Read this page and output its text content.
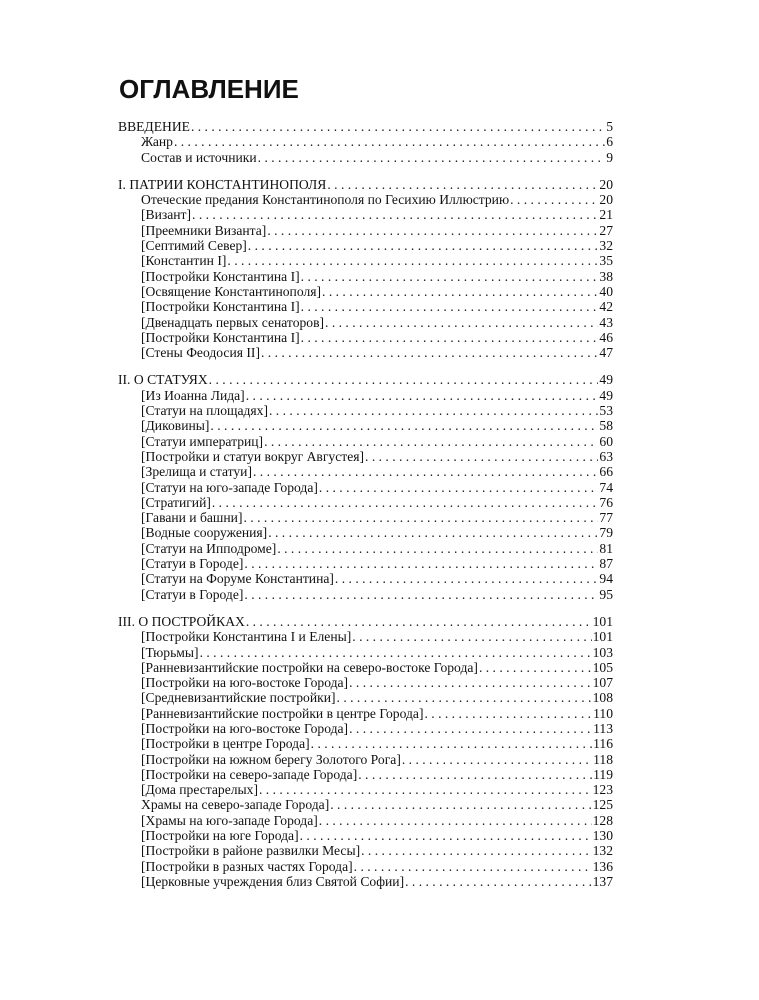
ОГЛАВЛЕНИЕ
ВВЕДЕНИЕ . . .	5
Жанр . . .	6
Состав и источники . . .	9
I. ПАТРИИ КОНСТАНТИНОПОЛЯ . . .	20
Отеческие предания Константинополя по Гесихию Иллюстрию . . .	20
[Визант] . . .	21
[Преемники Византа] . . .	27
[Септимий Север] . . .	32
[Константин I] . . .	35
[Постройки Константина I] . . .	38
[Освящение Константинополя] . . .	40
[Постройки Константина I] . . .	42
[Двенадцать первых сенаторов] . . .	43
[Постройки Константина I] . . .	46
[Стены Феодосия II] . . .	47
II. О СТАТУЯХ . . .	49
[Из Иоанна Лида] . . .	49
[Статуи на площадях] . . .	53
[Диковины] . . .	58
[Статуи императриц] . . .	60
[Постройки и статуи вокруг Августея] . . .	63
[Зрелища и статуи] . . .	66
[Статуи на юго-западе Города] . . .	74
[Стратигий] . . .	76
[Гавани и башни] . . .	77
[Водные сооружения] . . .	79
[Статуи на Ипподроме] . . .	81
[Статуи в Городе] . . .	87
[Статуи на Форуме Константина] . . .	94
[Статуи в Городе] . . .	95
III. О ПОСТРОЙКАХ . . .	101
[Постройки Константина I и Елены] . . .	101
[Тюрьмы] . . .	103
[Ранневизантийские постройки на северо-востоке Города] . . .	105
[Постройки на юго-востоке Города] . . .	107
[Средневизантийские постройки] . . .	108
[Ранневизантийские постройки в центре Города] . . .	110
[Постройки на юго-востоке Города] . . .	113
[Постройки в центре Города] . . .	116
[Постройки на южном берегу Золотого Рога] . . .	118
[Постройки на северо-западе Города] . . .	119
[Дома престарелых] . . .	123
Храмы на северо-западе Города] . . .	125
[Храмы на юго-западе Города] . . .	128
[Постройки на юге Города] . . .	130
[Постройки в районе развилки Месы] . . .	132
[Постройки в разных частях Города] . . .	136
[Церковные учреждения близ Святой Софии] . . .	137
